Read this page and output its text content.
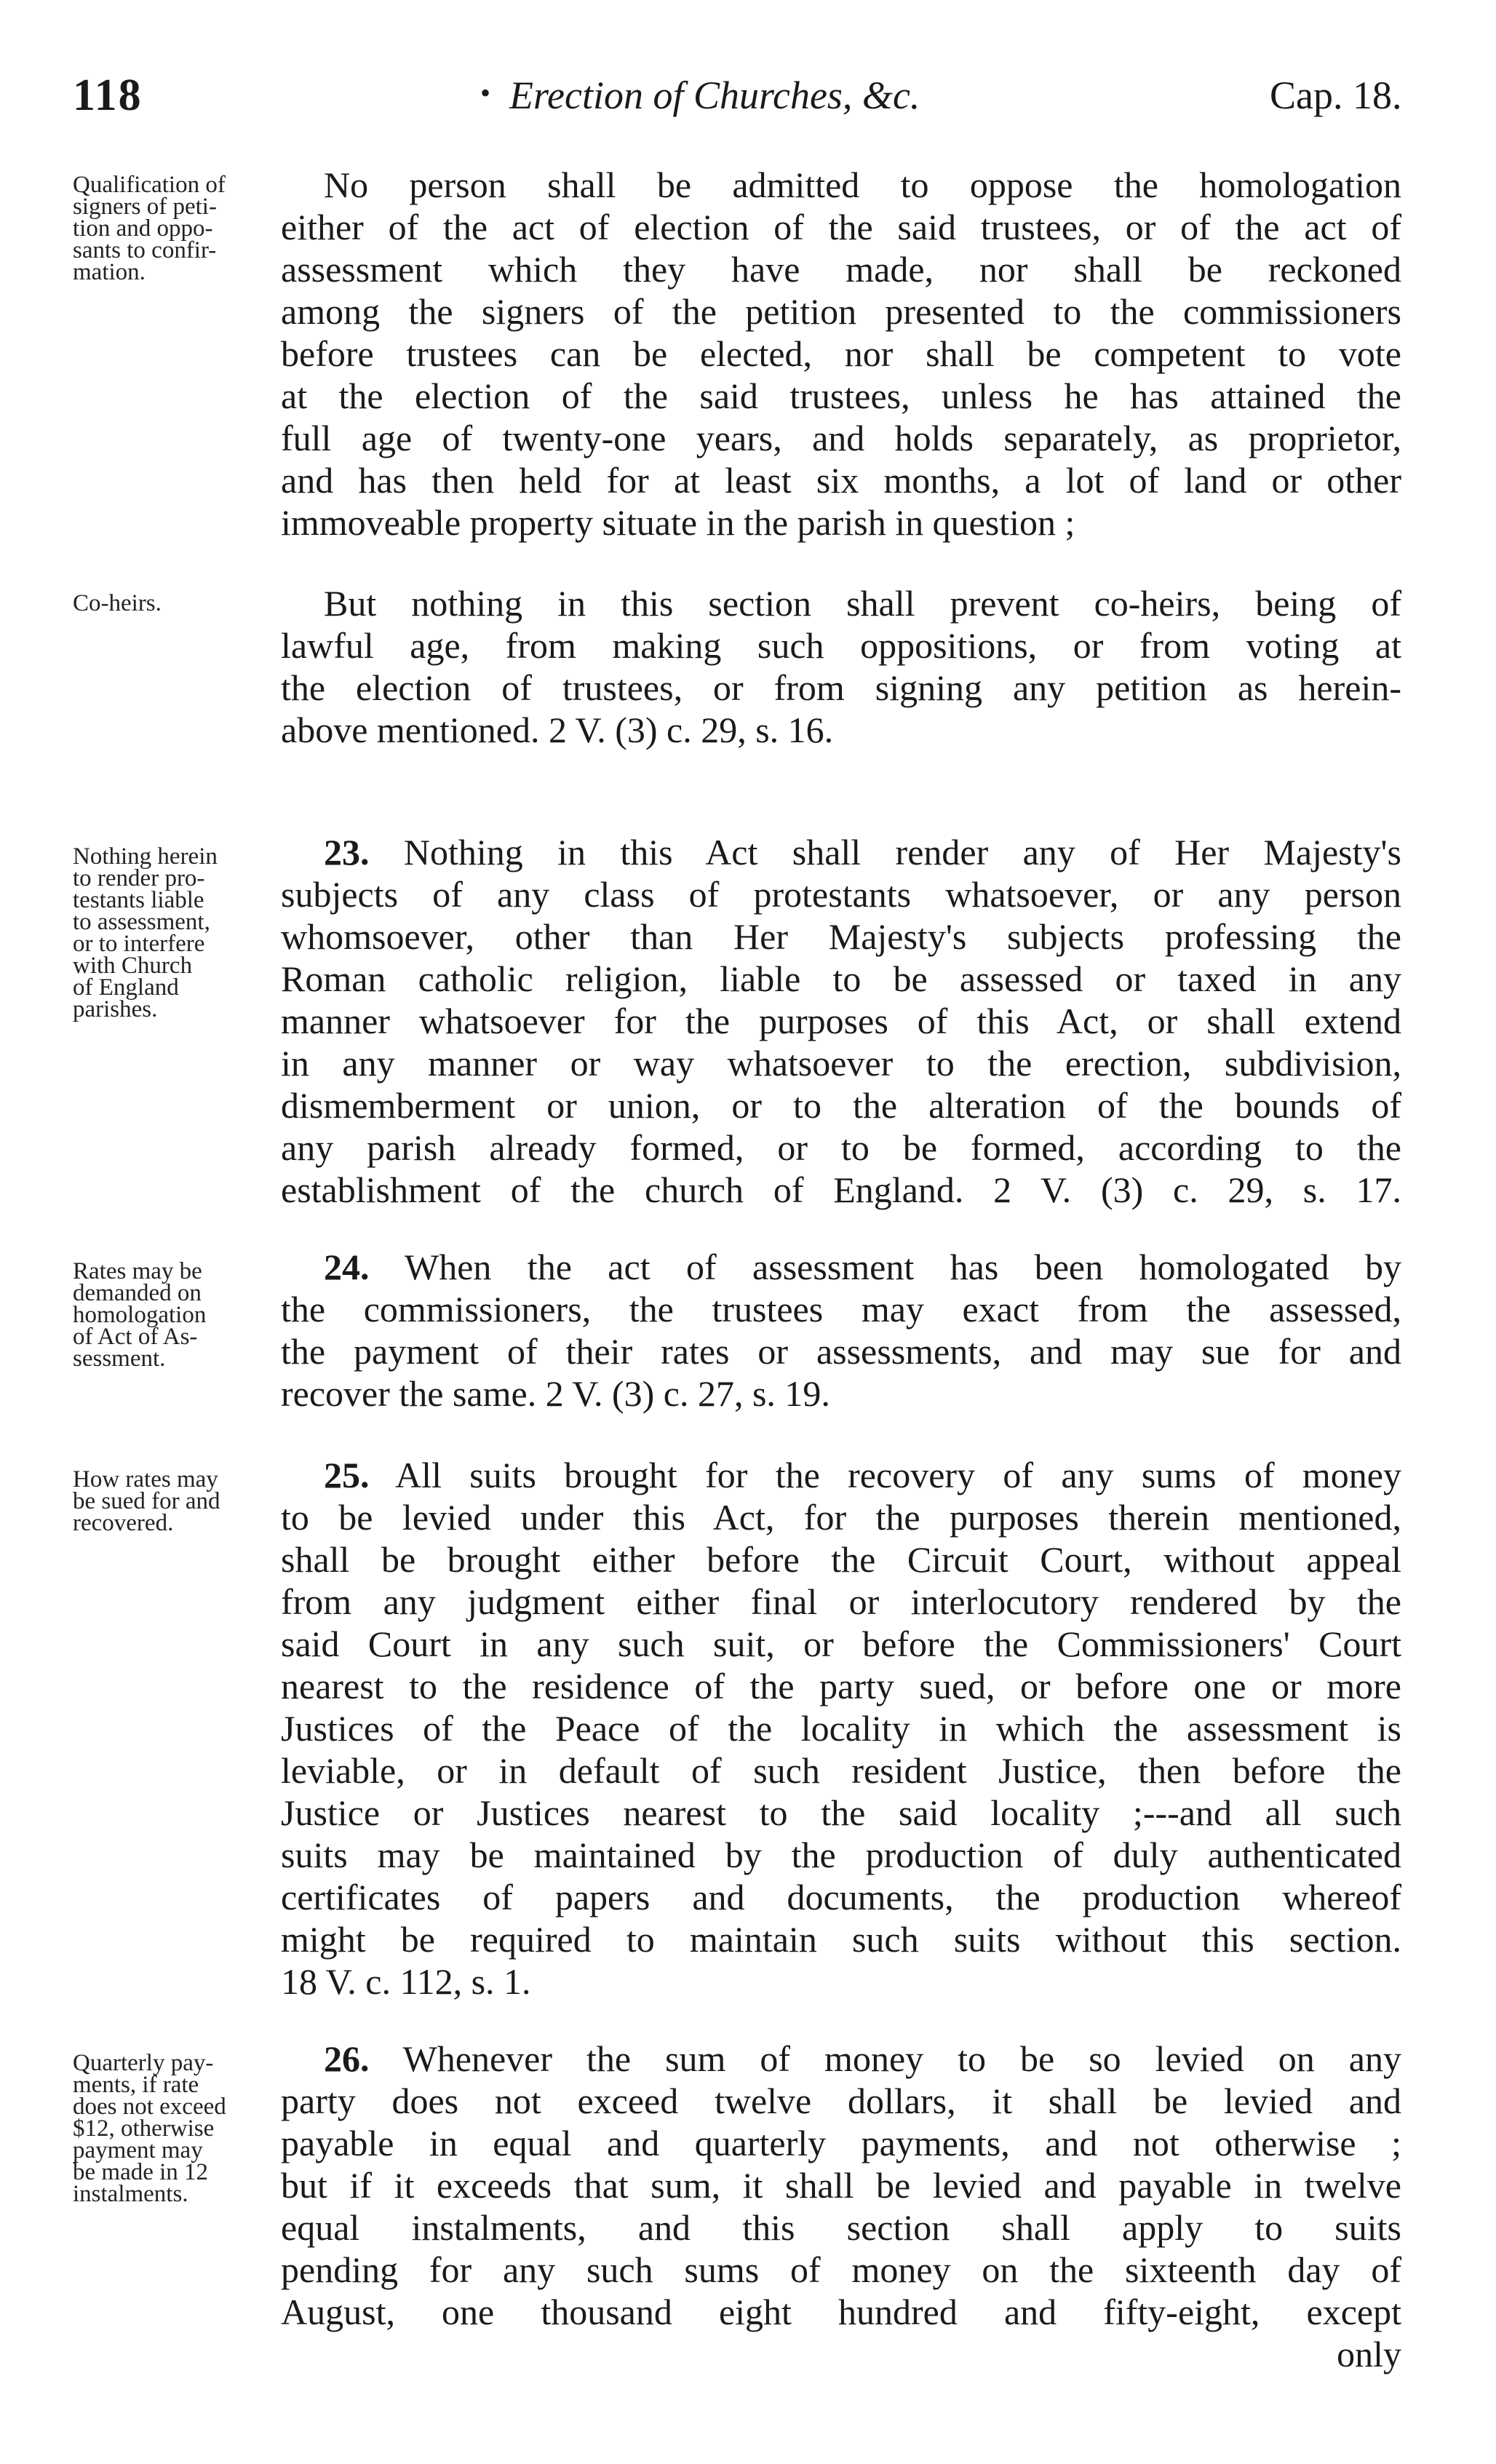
118	• Erection of Churches, &c.	Cap. 18.
Qualification of
signers of peti-
tion and oppo-
sants to confir-
mation.
No person shall be admitted to oppose the homologation
either of the act of election of the said trustees, or of the act of
assessment which they have made, nor shall be reckoned
among the signers of the petition presented to the commissioners
before trustees can be elected, nor shall be competent to vote
at the election of the said trustees, unless he has attained the
full age of twenty-one years, and holds separately, as proprietor,
and has then held for at least six months, a lot of land or other
immoveable property situate in the parish in question ;
Co-heirs.	But nothing in this section shall prevent co-heirs, being of
lawful age, from making such oppositions, or from voting at
the election of trustees, or from signing any petition as herein-
above mentioned. 2 V. (3) c. 29, s. 16.
Nothing herein
to render pro-
testants liable
to assessment,
or to interfere
with Church
of England
parishes.
23. Nothing in this Act shall render any of Her Majesty's
subjects of any class of protestants whatsoever, or any person
whomsoever, other than Her Majesty's subjects professing the
Roman catholic religion, liable to be assessed or taxed in any
manner whatsoever for the purposes of this Act, or shall extend
in any manner or way whatsoever to the erection, subdivision,
dismemberment or union, or to the alteration of the bounds of
any parish already formed, or to be formed, according to the
establishment of the church of England. 2 V. (3) c. 29, s. 17.
Rates may be
demanded on
homologation
of Act of As-
sessment.
24. When the act of assessment has been homologated by
the commissioners, the trustees may exact from the assessed,
the payment of their rates or assessments, and may sue for and
recover the same. 2 V. (3) c. 27, s. 19.
How rates may
be sued for and
recovered.
25. All suits brought for the recovery of any sums of money
to be levied under this Act, for the purposes therein mentioned,
shall be brought either before the Circuit Court, without appeal
from any judgment either final or interlocutory rendered by the
said Court in any such suit, or before the Commissioners' Court
nearest to the residence of the party sued, or before one or more
Justices of the Peace of the locality in which the assessment is
leviable, or in default of such resident Justice, then before the
Justice or Justices nearest to the said locality ;---and all such
suits may be maintained by the production of duly authenticated
certificates of papers and documents, the production whereof
might be required to maintain such suits without this section.
18 V. c. 112, s. 1.
Quarterly pay-
ments, if rate
does not exceed
$12, otherwise
payment may
be made in 12
instalments.
26. Whenever the sum of money to be so levied on any
party does not exceed twelve dollars, it shall be levied and
payable in equal and quarterly payments, and not otherwise ;
but if it exceeds that sum, it shall be levied and payable in twelve
equal instalments, and this section shall apply to suits
pending for any such sums of money on the sixteenth day of
August, one thousand eight hundred and fifty-eight, except
only
